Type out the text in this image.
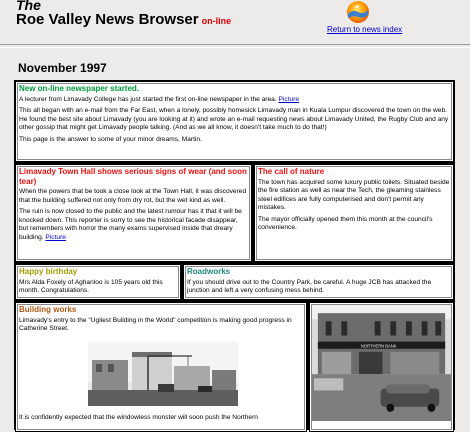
The
Roe Valley News Browser on-line
Return to news index
November 1997
New on-line newspaper started.

A lecturer from Limavady College has just started the first on-line newspaper in the area. Picture

This all began with an e-mail from the Far East, when a lonely, possibly homesick Limavady man in Kuala Lumpur discovered the town on the web. He found the best site about Limavady (you are looking at it) and wrote an e-mail requesting news about Limavady United, the Rugby Club and any other gossip that might get Limavady people talking. (And as we all know, it doesn't take much to do that!)

This page is the answer to some of your minor dreams, Martin.

Limavady Town Hall shows serious signs of wear (and soon tear)

When the powers that be took a close look at the Town Hall, it was discovered that the building suffered not only from dry rot, but the wet kind as well.

The ruin is now closed to the public and the latest rumour has it that it will be knocked down. This reporter is sorry to see the historical facade disappear, but remembers with horror the many exams supervised inside that dreary building. Picture

The call of nature

The town has acquired some luxury public toilets. Situated beside the fire station as well as near the Tech, the gleaming stainless steel edifices are fully computerised and don't permit any mistakes.

The mayor officially opened them this month at the council's convenience.

Happy birthday

Mrs Alda Foxely of Aghanloo is 105 years old this month. Congratulations.

Roadworks

If you should drive out to the Country Park, be careful. A huge JCB has attacked the junction and left a very confusing mess behind.

Building works

Limavady's entry to the "Ugliest Building in the World" competition is making good progress in Catherine Street.

It is confidently expected that the windowless monster will soon push the Northern

NORTHERN BANK
